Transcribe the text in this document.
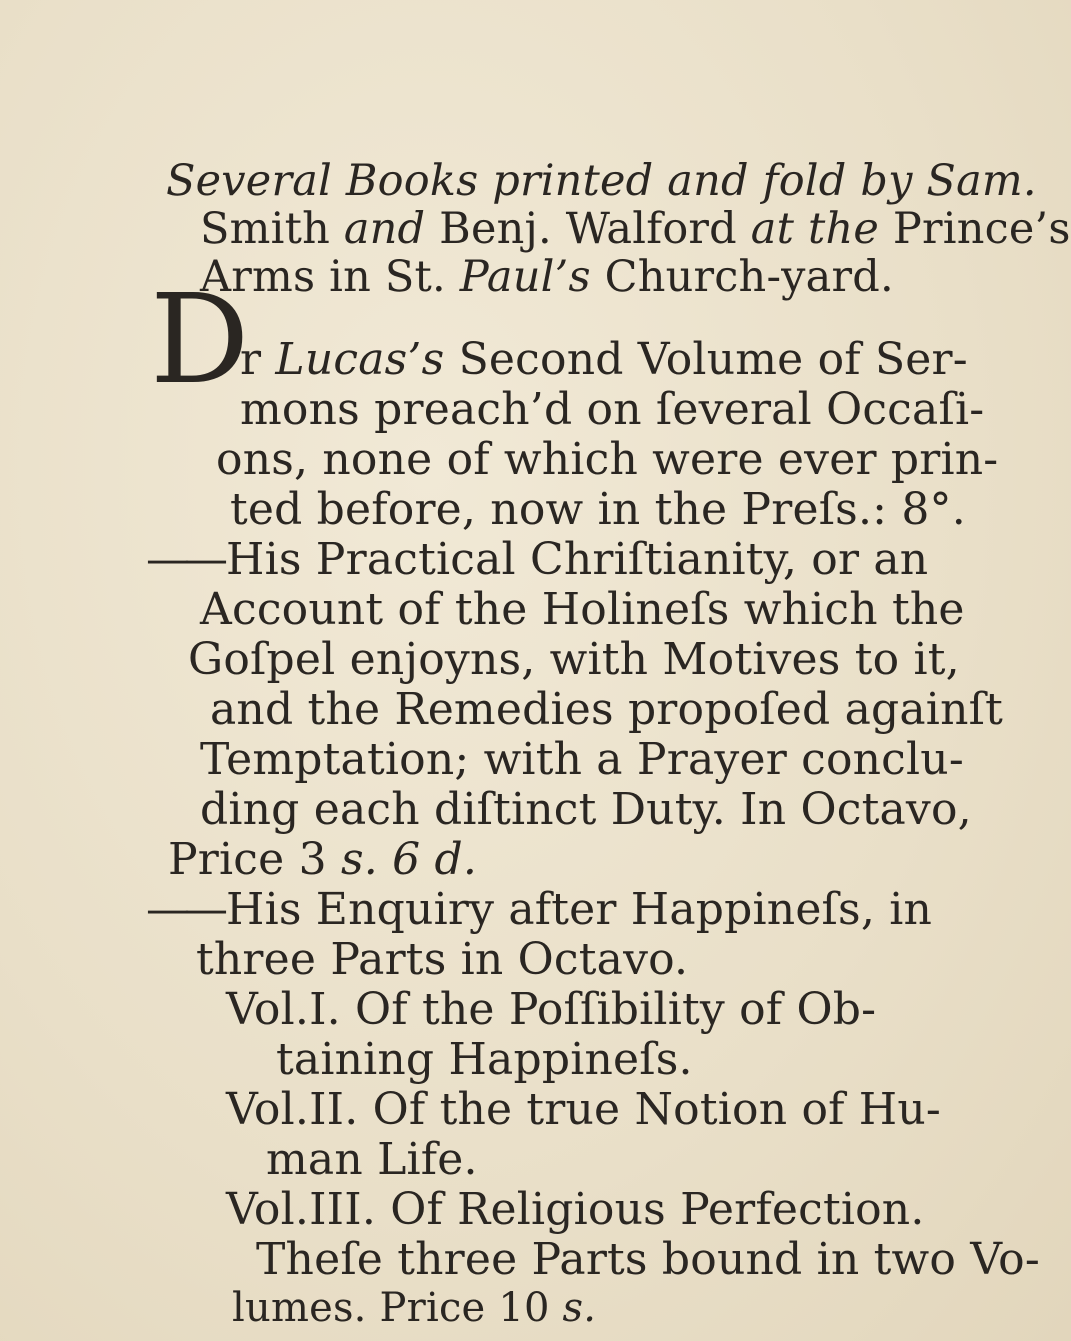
Several Books printed and fold by Sam.
Smith and Benj. Walford at the Prince’s
Arms in St. Paul’s Church-yard.
D
r Lucas’s Second Volume of Ser-
mons preach’d on ſeveral Occaſi-
ons, none of which were ever prin-
ted before, now in the Preſs.: 8°.
——His Practical Chriſtianity, or an
Account of the Holineſs which the
Goſpel enjoyns, with Motives to it,
and the Remedies propoſed againſt
Temptation; with a Prayer conclu-
ding each diſtinct Duty. In Octavo,
Price 3 s. 6 d.
——His Enquiry after Happineſs, in
three Parts in Octavo.
Vol.I. Of the Poſſibility of Ob-
taining Happineſs.
Vol.II. Of the true Notion of Hu-
man Life.
Vol.III. Of Religious Perfection.
Theſe three Parts bound in two Vo-
lumes. Price 10 s.
